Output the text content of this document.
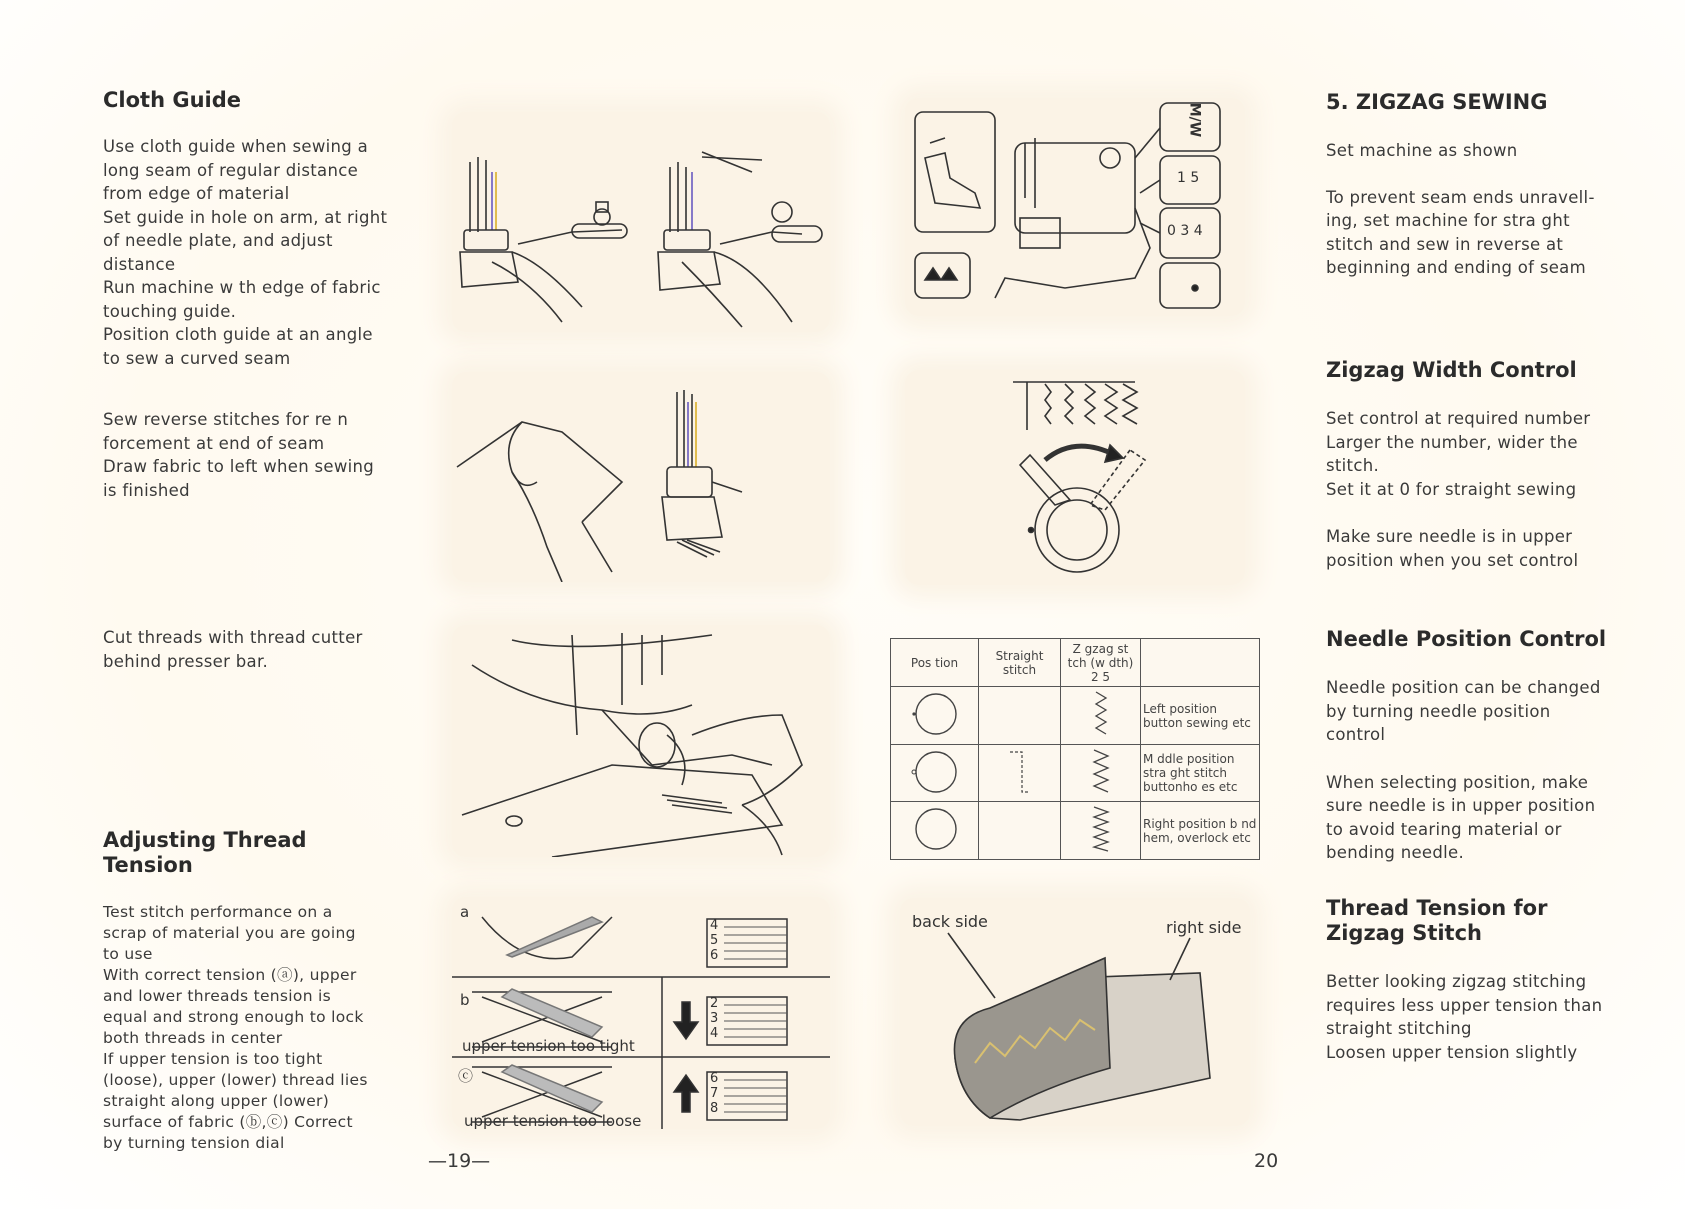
Cloth Guide
Use cloth guide when sewing a
long seam of regular distance
from edge of material
Set guide in hole on arm, at right
of needle plate, and adjust
distance
Run machine w th edge of fabric
touching guide.
Position cloth guide at an angle
to sew a curved seam
Sew reverse stitches for re n
forcement at end of seam
Draw fabric to left when sewing
is finished
Cut threads with thread cutter
behind presser bar.
Adjusting Thread Tension
Test stitch performance on a
scrap of material you are going
to use
With correct tension (ⓐ), upper
and lower threads tension is
equal and strong enough to lock
both threads in center
If upper tension is too tight
(loose), upper (lower) thread lies
straight along upper (lower)
surface of fabric (ⓑ,ⓒ) Correct
by turning tension dial
a
b
ⓒ
upper tension too tight
upper tension too loose
4
5
6
2
3
4
6
7
8
—19—
M/W
1 5
0 3 4
Pos tion	Straight stitch	Z gzag st tch (w dth) 2 5	
			Left position button sewing etc
			M ddle position stra ght stitch buttonho es etc
			Right position b nd hem, overlock etc
back side	right side
5. ZIGZAG SEWING
Set machine as shown
To prevent seam ends unravell-
ing, set machine for stra ght
stitch and sew in reverse at
beginning and ending of seam
Zigzag Width Control
Set control at required number
Larger the number, wider the
stitch.
Set it at 0 for straight sewing
Make sure needle is in upper
position when you set control
Needle Position Control
Needle position can be changed
by turning needle position
control
When selecting position, make
sure needle is in upper position
to avoid tearing material or
bending needle.
Thread Tension for Zigzag Stitch
Better looking zigzag stitching
requires less upper tension than
straight stitching
Loosen upper tension slightly
20
